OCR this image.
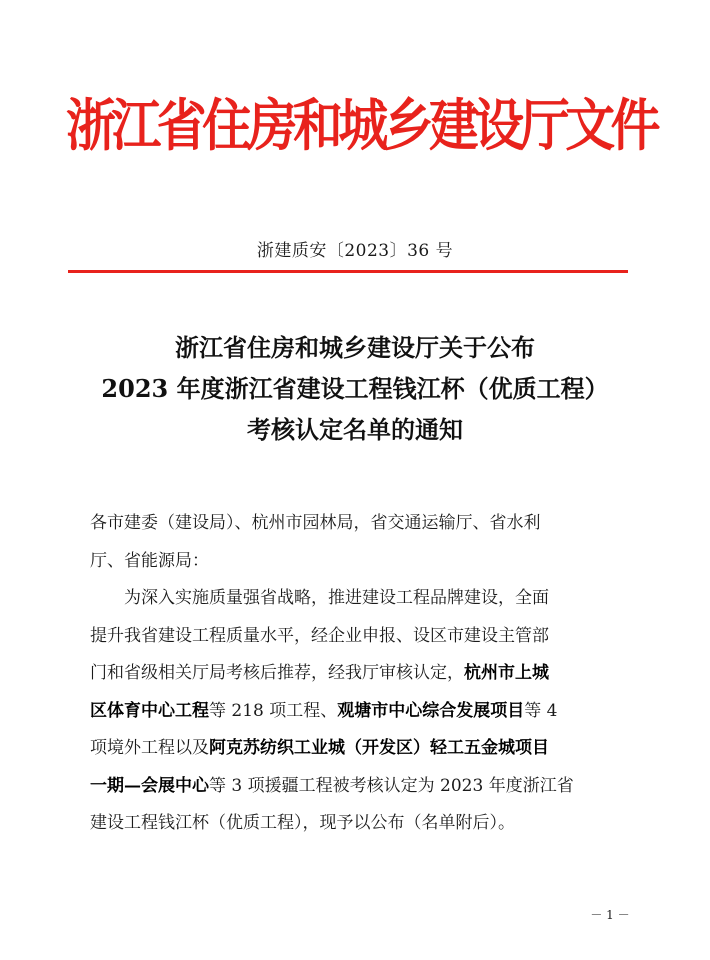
浙江省住房和城乡建设厅文件
浙建质安〔2023〕36 号
浙江省住房和城乡建设厅关于公布
2023 年度浙江省建设工程钱江杯（优质工程）
考核认定名单的通知
各市建委（建设局）、杭州市园林局，省交通运输厅、省水利
厅、省能源局：
为深入实施质量强省战略，推进建设工程品牌建设，全面
提升我省建设工程质量水平，经企业申报、设区市建设主管部
门和省级相关厅局考核后推荐，经我厅审核认定，杭州市上城
区体育中心工程等 218 项工程、观塘市中心综合发展项目等 4
项境外工程以及阿克苏纺织工业城（开发区）轻工五金城项目
一期—会展中心等 3 项援疆工程被考核认定为 2023 年度浙江省
建设工程钱江杯（优质工程），现予以公布（名单附后）。
－ 1 －
